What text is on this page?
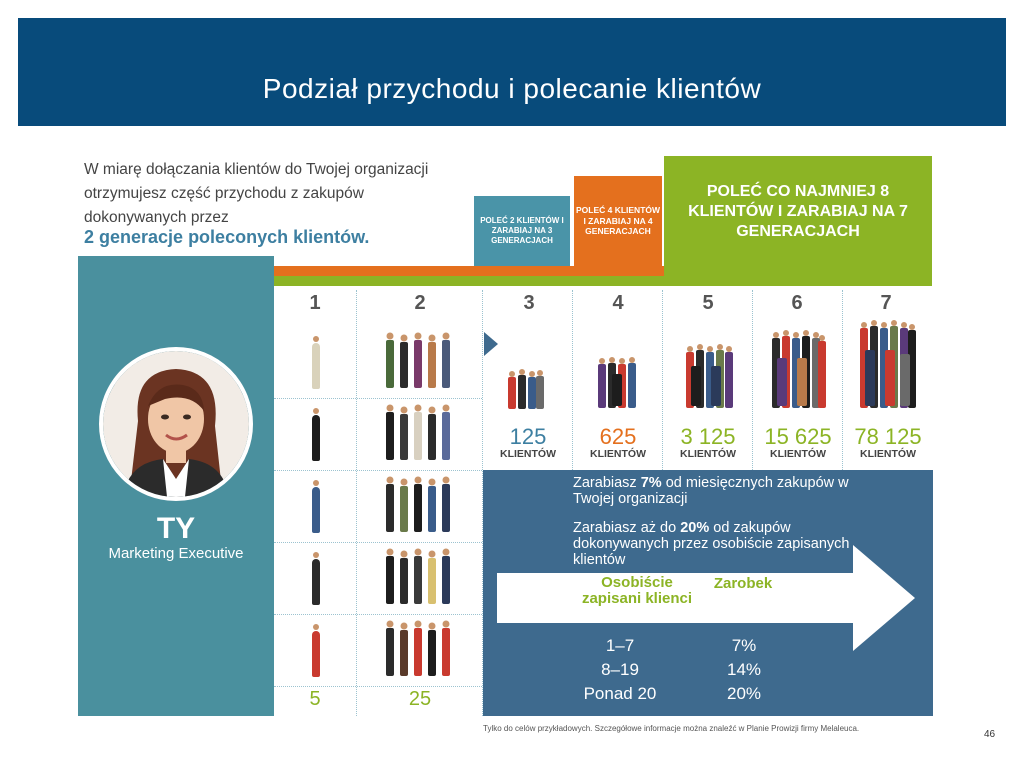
Podział przychodu i polecanie klientów
W miarę dołączania klientów do Twojej organizacji otrzymujesz część przychodu z zakupów dokonywanych przez
2 generacje poleconych klientów.
POLEĆ 2 KLIENTÓW I ZARABIAJ NA 3 GENERACJACH
POLEĆ 4 KLIENTÓW I ZARABIAJ NA 4 GENERACJACH
POLEĆ CO NAJMNIEJ 8 KLIENTÓW I ZARABIAJ NA 7 GENERACJACH
TY
Marketing Executive
1	2	3	4	5	6	7
125
KLIENTÓW
625
KLIENTÓW
3 125
KLIENTÓW
15 625
KLIENTÓW
78 125
KLIENTÓW
5	25
Zarabiasz 7% od miesięcznych zakupów w Twojej organizacji
Zarabiasz aż do 20% od zakupów dokonywanych przez osobiście zapisanych klientów
Osobiście zapisani klienci
Zarobek
1–7	7%
8–19	14%
Ponad 20	20%
Tylko do celów przykładowych. Szczegółowe informacje można znaleźć w Planie Prowizji firmy Melaleuca.
46
